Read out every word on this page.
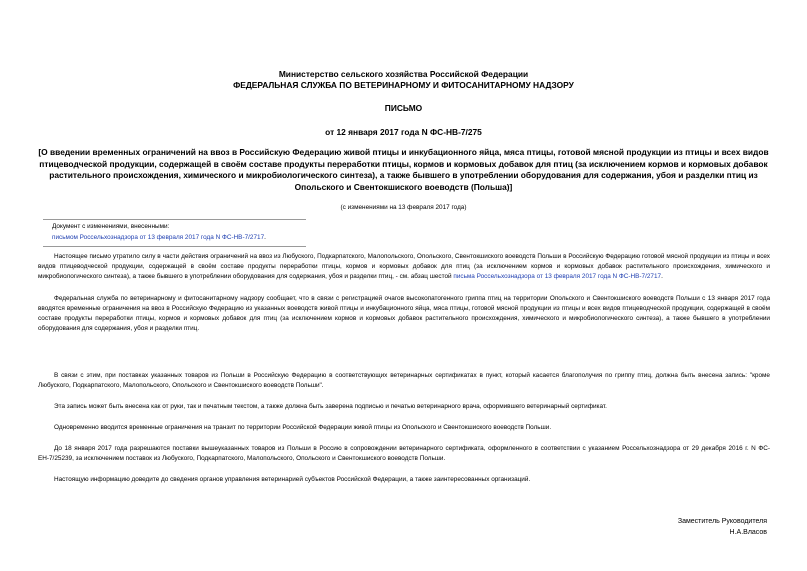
Министерство сельского хозяйства Российской Федерации
ФЕДЕРАЛЬНАЯ СЛУЖБА ПО ВЕТЕРИНАРНОМУ И ФИТОСАНИТАРНОМУ НАДЗОРУ
ПИСЬМО
от 12 января 2017 года N ФС-НВ-7/275
[О введении временных ограничений на ввоз в Российскую Федерацию живой птицы и инкубационного яйца, мяса птицы, готовой мясной продукции из птицы и всех видов птицеводческой продукции, содержащей в своём составе продукты переработки птицы, кормов и кормовых добавок для птиц (за исключением кормов и кормовых добавок растительного происхождения, химического и микробиологического синтеза), а также бывшего в употреблении оборудования для содержания, убоя и разделки птиц из Опольского и Свентокшиского воеводств (Польша)]
(с изменениями на 13 февраля 2017 года)
Документ с изменениями, внесенными:
письмом Россельхознадзора от 13 февраля 2017 года N ФС-НВ-7/2717.
Настоящее письмо утратило силу в части действия ограничений на ввоз из Любуского, Подкарпатского, Малопольского, Опольского, Свентокшиского воеводств Польши в Российскую Федерацию готовой мясной продукции из птицы и всех видов птицеводческой продукции, содержащей в своём составе продукты переработки птицы, кормов и кормовых добавок для птиц (за исключением кормов и кормовых добавок растительного происхождения, химического и микробиологического синтеза), а также бывшего в употреблении оборудования для содержания, убоя и разделки птиц, - см. абзац шестой письма Россельхознадзора от 13 февраля 2017 года N ФС-НВ-7/2717.
Федеральная служба по ветеринарному и фитосанитарному надзору сообщает, что в связи с регистрацией очагов высокопатогенного гриппа птиц на территории Опольского и Свентокшиского воеводств Польши с 13 января 2017 года вводятся временные ограничения на ввоз в Российскую Федерацию из указанных воеводств живой птицы и инкубационного яйца, мяса птицы, готовой мясной продукции из птицы и всех видов птицеводческой продукции, содержащей в своём составе продукты переработки птицы, кормов и кормовых добавок для птиц (за исключением кормов и кормовых добавок растительного происхождения, химического и микробиологического синтеза), а также бывшего в употреблении оборудования для содержания, убоя и разделки птиц.
В связи с этим, при поставках указанных товаров из Польши в Российскую Федерацию в соответствующих ветеринарных сертификатах в пункт, который касается благополучия по гриппу птиц, должна быть внесена запись: "кроме Любуского, Подкарпатского, Малопольского, Опольского и Свентокшиского воеводств Польши".
Эта запись может быть внесена как от руки, так и печатным текстом, а также должна быть заверена подписью и печатью ветеринарного врача, оформившего ветеринарный сертификат.
Одновременно вводится временные ограничения на транзит по территории Российской Федерации живой птицы из Опольского и Свентокшиского воеводств Польши.
До 18 января 2017 года разрешаются поставки вышеуказанных товаров из Польши в Россию в сопровождении ветеринарного сертификата, оформленного в соответствии с указанием Россельхознадзора от 29 декабря 2016 г. N ФС-ЕН-7/25239, за исключением поставок из Любуского, Подкарпатского, Малопольского, Опольского и Свентокшиского воеводств Польши.
Настоящую информацию доведите до сведения органов управления ветеринарией субъектов Российской Федерации, а также заинтересованных организаций.
Заместитель Руководителя
Н.А.Власов
